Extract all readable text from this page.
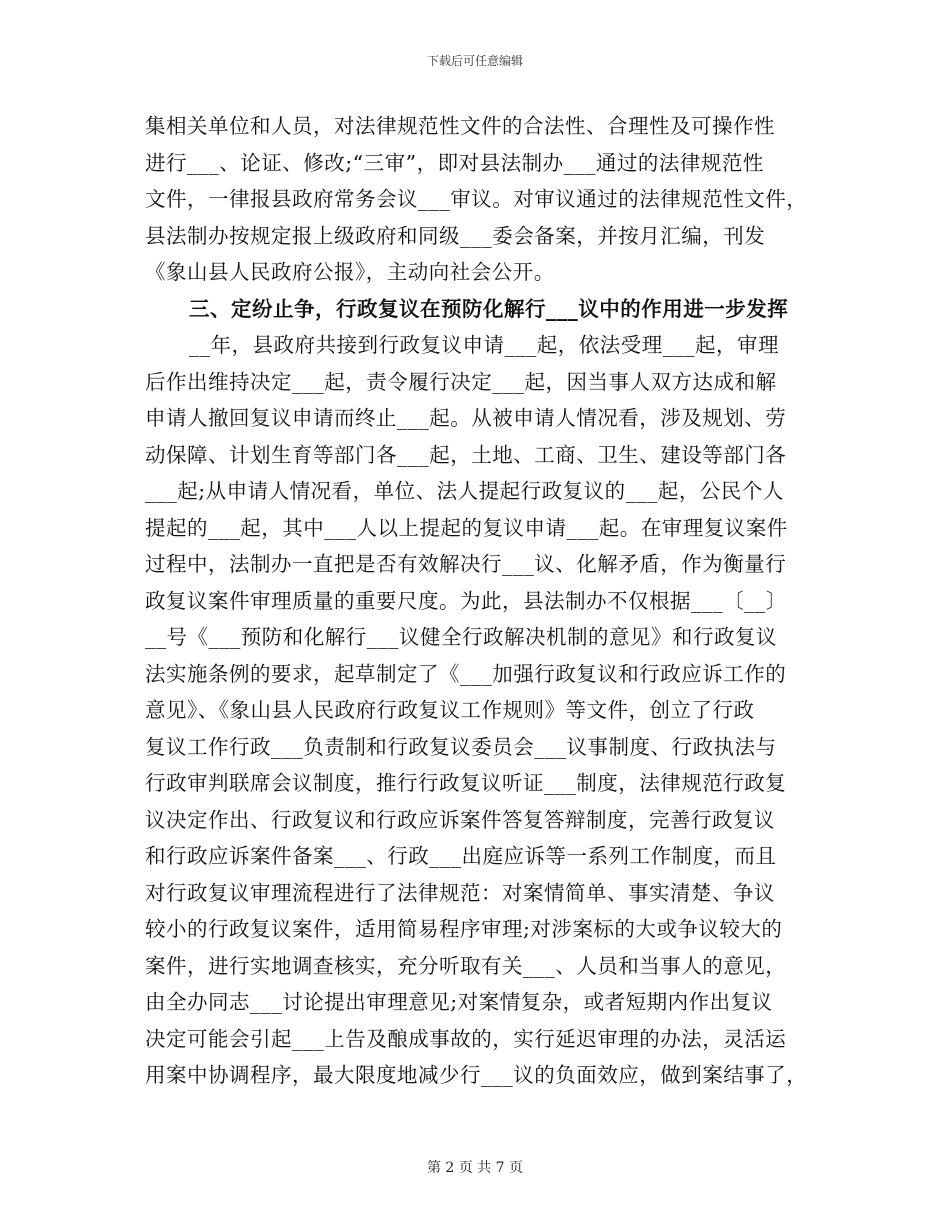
下载后可任意编辑
集相关单位和人员，对法律规范性文件的合法性、合理性及可操作性
进行___、论证、修改;“三审”，即对县法制办___通过的法律规范性
文件，一律报县政府常务会议___审议。对审议通过的法律规范性文件，
县法制办按规定报上级政府和同级___委会备案，并按月汇编，刊发
《象山县人民政府公报》，主动向社会公开。
三、定纷止争，行政复议在预防化解行___议中的作用进一步发挥
__年，县政府共接到行政复议申请___起，依法受理___起，审理
后作出维持决定___起，责令履行决定___起，因当事人双方达成和解
申请人撤回复议申请而终止___起。从被申请人情况看，涉及规划、劳
动保障、计划生育等部门各___起，土地、工商、卫生、建设等部门各
___起;从申请人情况看，单位、法人提起行政复议的___起，公民个人
提起的___起，其中___人以上提起的复议申请___起。在审理复议案件
过程中，法制办一直把是否有效解决行___议、化解矛盾，作为衡量行
政复议案件审理质量的重要尺度。为此，县法制办不仅根据___〔__〕
__号《___预防和化解行___议健全行政解决机制的意见》和行政复议
法实施条例的要求，起草制定了《___加强行政复议和行政应诉工作的
意见》、《象山县人民政府行政复议工作规则》等文件，创立了行政
复议工作行政___负责制和行政复议委员会___议事制度、行政执法与
行政审判联席会议制度，推行行政复议听证___制度，法律规范行政复
议决定作出、行政复议和行政应诉案件答复答辩制度，完善行政复议
和行政应诉案件备案___、行政___出庭应诉等一系列工作制度，而且
对行政复议审理流程进行了法律规范：对案情简单、事实清楚、争议
较小的行政复议案件，适用简易程序审理;对涉案标的大或争议较大的
案件，进行实地调查核实，充分听取有关___、人员和当事人的意见，
由全办同志___讨论提出审理意见;对案情复杂，或者短期内作出复议
决定可能会引起___上告及酿成事故的，实行延迟审理的办法，灵活运
用案中协调程序，最大限度地减少行___议的负面效应，做到案结事了，
第 2 页 共 7 页
